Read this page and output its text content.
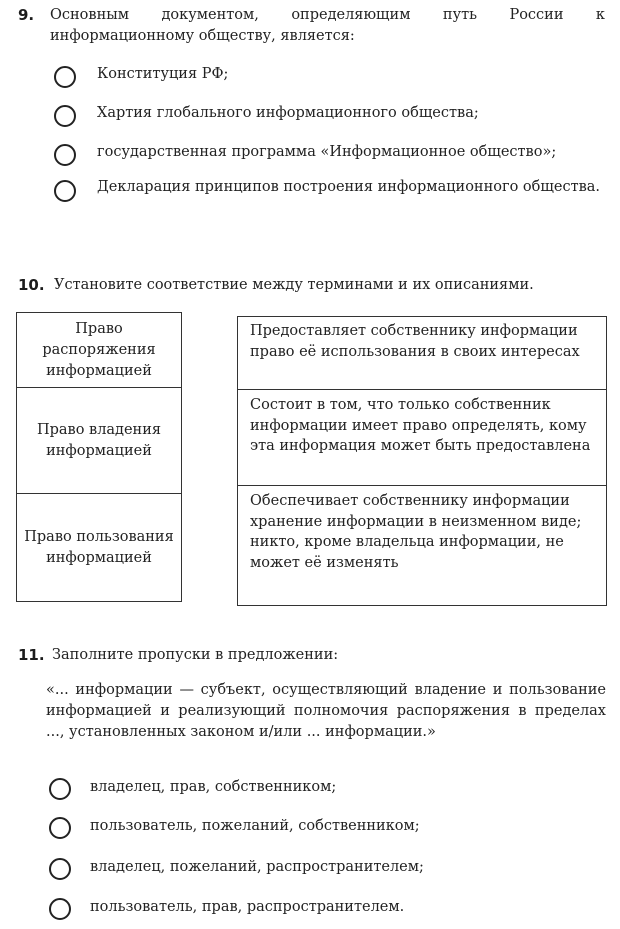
9. Основным документом, определяющим путь России к информационному обществу, является:
Конституция РФ;
Хартия глобального информационного общества;
государственная программа «Информационное общество»;
Декларация принципов построения информационного общества.
10. Установите соответствие между терминами и их описаниями.
Право распоряжения информацией
Право владения информацией
Право пользования информацией
Предоставляет собственнику информации право её использования в своих интересах
Состоит в том, что только собственник информации имеет право определять, кому эта информация может быть предоставлена
Обеспечивает собственнику информации хранение информации в неизменном виде; никто, кроме владельца информации, не может её изменять
11. Заполните пропуски в предложении:
«... информации — субъект, осуществляющий владение и пользование информацией и реализующий полномочия распоряжения в пределах ..., установленных законом и/или ... информации.»
владелец, прав, собственником;
пользователь, пожеланий, собственником;
владелец, пожеланий, распространителем;
пользователь, прав, распространителем.
